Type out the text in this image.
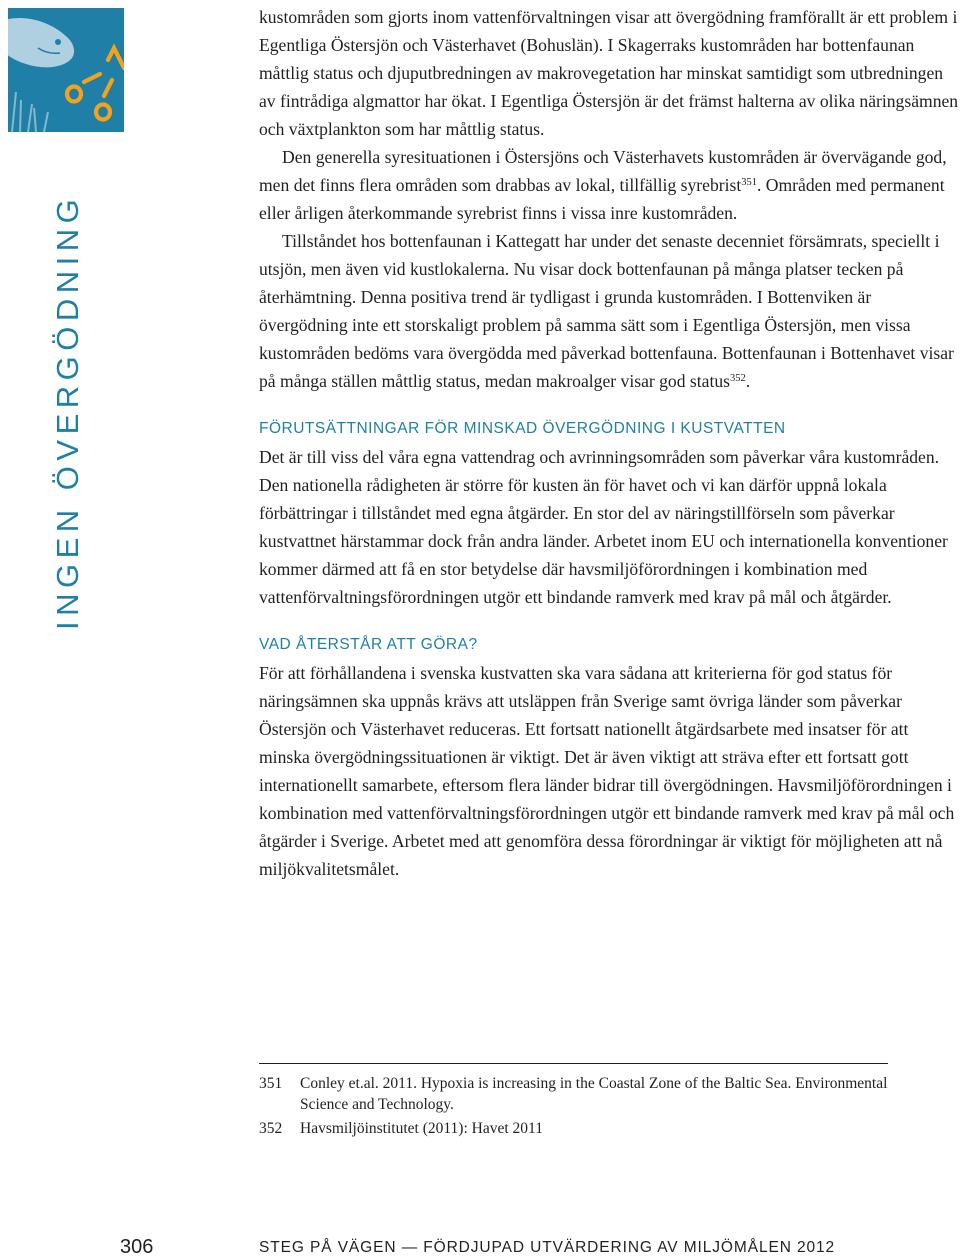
INGEN ÖVERGÖDNING

kustområden som gjorts inom vattenförvaltningen visar att övergödning framförallt är ett problem i Egentliga Östersjön och Västerhavet (Bohuslän). I Skagerraks kustområden har bottenfaunan måttlig status och djuputbredningen av makrovegetation har minskat samtidigt som utbredningen av fintrådiga algmattor har ökat. I Egentliga Östersjön är det främst halterna av olika näringsämnen och växtplankton som har måttlig status.

Den generella syresituationen i Östersjöns och Västerhavets kustområden är övervägande god, men det finns flera områden som drabbas av lokal, tillfällig syrebrist$^{351}$. Områden med permanent eller årligen återkommande syrebrist finns i vissa inre kustområden.

Tillståndet hos bottenfaunan i Kattegatt har under det senaste decenniet försämrats, speciellt i utsjön, men även vid kustlokalerna. Nu visar dock bottenfaunan på många platser tecken på återhämtning. Denna positiva trend är tydligast i grunda kustområden. I Bottenviken är övergödning inte ett storskaligt problem på samma sätt som i Egentliga Östersjön, men vissa kustområden bedöms vara övergödda med påverkad bottenfauna. Bottenfaunan i Bottenhavet visar på många ställen måttlig status, medan makroalger visar god status$^{352}$.

FÖRUTSÄTTNINGAR FÖR MINSKAD ÖVERGÖDNING I KUSTVATTEN

Det är till viss del våra egna vattendrag och avrinningsområden som påverkar våra kustområden. Den nationella rådigheten är större för kusten än för havet och vi kan därför uppnå lokala förbättringar i tillståndet med egna åtgärder. En stor del av näringstillförseln som påverkar kustvattnet härstammar dock från andra länder. Arbetet inom EU och internationella konventioner kommer därmed att få en stor betydelse där havsmiljöförordningen i kombination med vattenförvaltningsförordningen utgör ett bindande ramverk med krav på mål och åtgärder.

VAD ÅTERSTÅR ATT GÖRA?

För att förhållandena i svenska kustvatten ska vara sådana att kriterierna för god status för näringsämnen ska uppnås krävs att utsläppen från Sverige samt övriga länder som påverkar Östersjön och Västerhavet reduceras. Ett fortsatt nationellt åtgärdsarbete med insatser för att minska övergödningssituationen är viktigt. Det är även viktigt att sträva efter ett fortsatt gott internationellt samarbete, eftersom flera länder bidrar till övergödningen. Havsmiljöförordningen i kombination med vattenförvaltningsförordningen utgör ett bindande ramverk med krav på mål och åtgärder i Sverige. Arbetet med att genomföra dessa förordningar är viktigt för möjligheten att nå miljökvalitetsmålet.

351	Conley et.al. 2011. Hypoxia is increasing in the Coastal Zone of the Baltic Sea. Environmental Science and Technology.
352	Havsmiljöinstitutet (2011): Havet 2011
306	STEG PÅ VÄGEN — FÖRDJUPAD UTVÄRDERING AV MILJÖMÅLEN 2012
